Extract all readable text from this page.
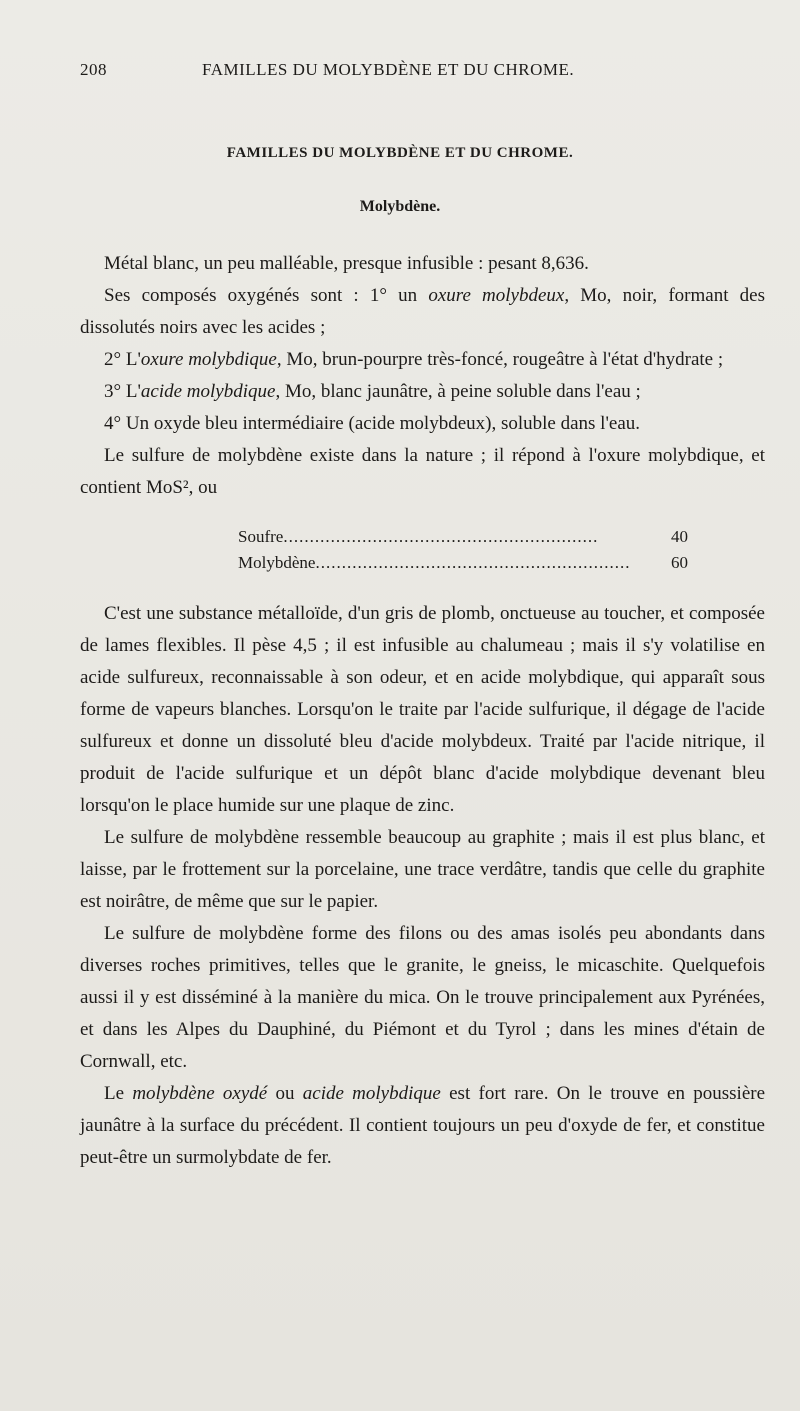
208	FAMILLES DU MOLYBDÈNE ET DU CHROME.
FAMILLES DU MOLYBDÈNE ET DU CHROME.
Molybdène.

Métal blanc, un peu malléable, presque infusible : pesant 8,636.

Ses composés oxygénés sont : 1° un oxure molybdeux, Mo, noir, formant des dissolutés noirs avec les acides ;

2° L'oxure molybdique, Mo, brun-pourpre très-foncé, rougeâtre à l'état d'hydrate ;

3° L'acide molybdique, Mo, blanc jaunâtre, à peine soluble dans l'eau ;

4° Un oxyde bleu intermédiaire (acide molybdeux), soluble dans l'eau.

Le sulfure de molybdène existe dans la nature ; il répond à l'oxure molybdique, et contient MoS², ou

Soufre .....	40
Molybdène .....	60

C'est une substance métalloïde, d'un gris de plomb, onctueuse au toucher, et composée de lames flexibles. Il pèse 4,5 ; il est infusible au chalumeau ; mais il s'y volatilise en acide sulfureux, reconnaissable à son odeur, et en acide molybdique, qui apparaît sous forme de vapeurs blanches. Lorsqu'on le traite par l'acide sulfurique, il dégage de l'acide sulfureux et donne un dissoluté bleu d'acide molybdeux. Traité par l'acide nitrique, il produit de l'acide sulfurique et un dépôt blanc d'acide molybdique devenant bleu lorsqu'on le place humide sur une plaque de zinc.

Le sulfure de molybdène ressemble beaucoup au graphite ; mais il est plus blanc, et laisse, par le frottement sur la porcelaine, une trace verdâtre, tandis que celle du graphite est noirâtre, de même que sur le papier.

Le sulfure de molybdène forme des filons ou des amas isolés peu abondants dans diverses roches primitives, telles que le granite, le gneiss, le micaschite. Quelquefois aussi il y est disséminé à la manière du mica. On le trouve principalement aux Pyrénées, et dans les Alpes du Dauphiné, du Piémont et du Tyrol ; dans les mines d'étain de Cornwall, etc.

Le molybdène oxydé ou acide molybdique est fort rare. On le trouve en poussière jaunâtre à la surface du précédent. Il contient toujours un peu d'oxyde de fer, et constitue peut-être un surmolybdate de fer.
